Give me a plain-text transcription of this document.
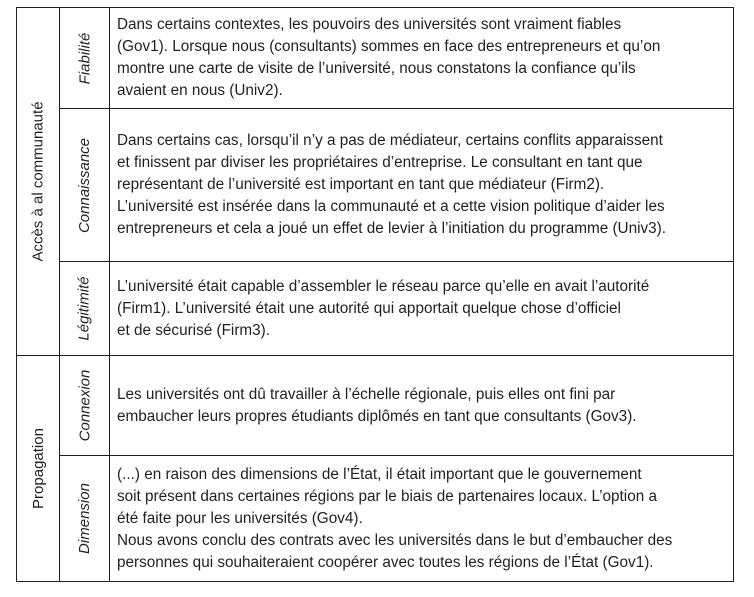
Accès à al communauté
Propagation
Fiabilité

Dans certains contextes, les pouvoirs des universités sont vraiment fiables

(Gov1). Lorsque nous (consultants) sommes en face des entrepreneurs et qu’on

montre une carte de visite de l’université, nous constatons la confiance qu’ils

avaient en nous (Univ2).

Connaissance Dans certains cas, lorsqu’il n’y a pas de médiateur, certains conflits apparaissent

et finissent par diviser les propriétaires d’entreprise. Le consultant en tant que

représentant de l’université est important en tant que médiateur (Firm2).

L’université est insérée dans la communauté et a cette vision politique d’aider les

entrepreneurs et cela a joué un effet de levier à l’initiation du programme (Univ3).

Légitimité L’université était capable d’assembler le réseau parce qu’elle en avait l’autorité

(Firm1). L’université était une autorité qui apportait quelque chose d’officiel

et de sécurisé (Firm3).

Connexion Les universités ont dû travailler à l’échelle régionale, puis elles ont fini par

embaucher leurs propres étudiants diplômés en tant que consultants (Gov3).

Dimension

(...) en raison des dimensions de l’État, il était important que le gouvernement

soit présent dans certaines régions par le biais de partenaires locaux. L’option a

été faite pour les universités (Gov4).

Nous avons conclu des contrats avec les universités dans le but d’embaucher des

personnes qui souhaiteraient coopérer avec toutes les régions de l’État (Gov1).
